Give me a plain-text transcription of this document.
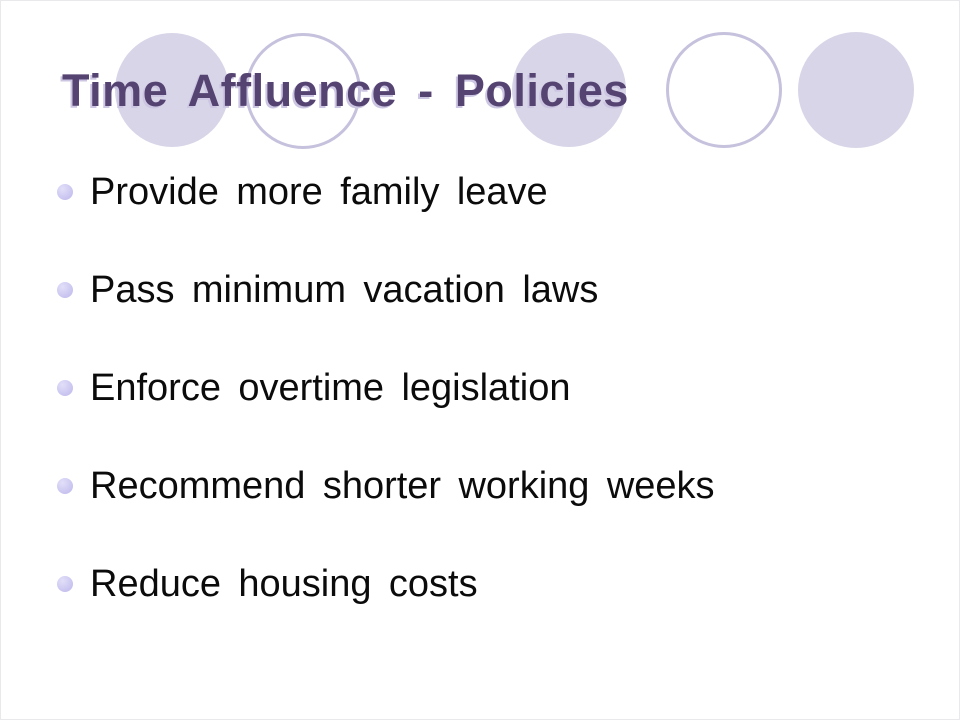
Time Affluence - Policies
Provide more family leave
Pass minimum vacation laws
Enforce overtime legislation
Recommend shorter working weeks
Reduce housing costs
